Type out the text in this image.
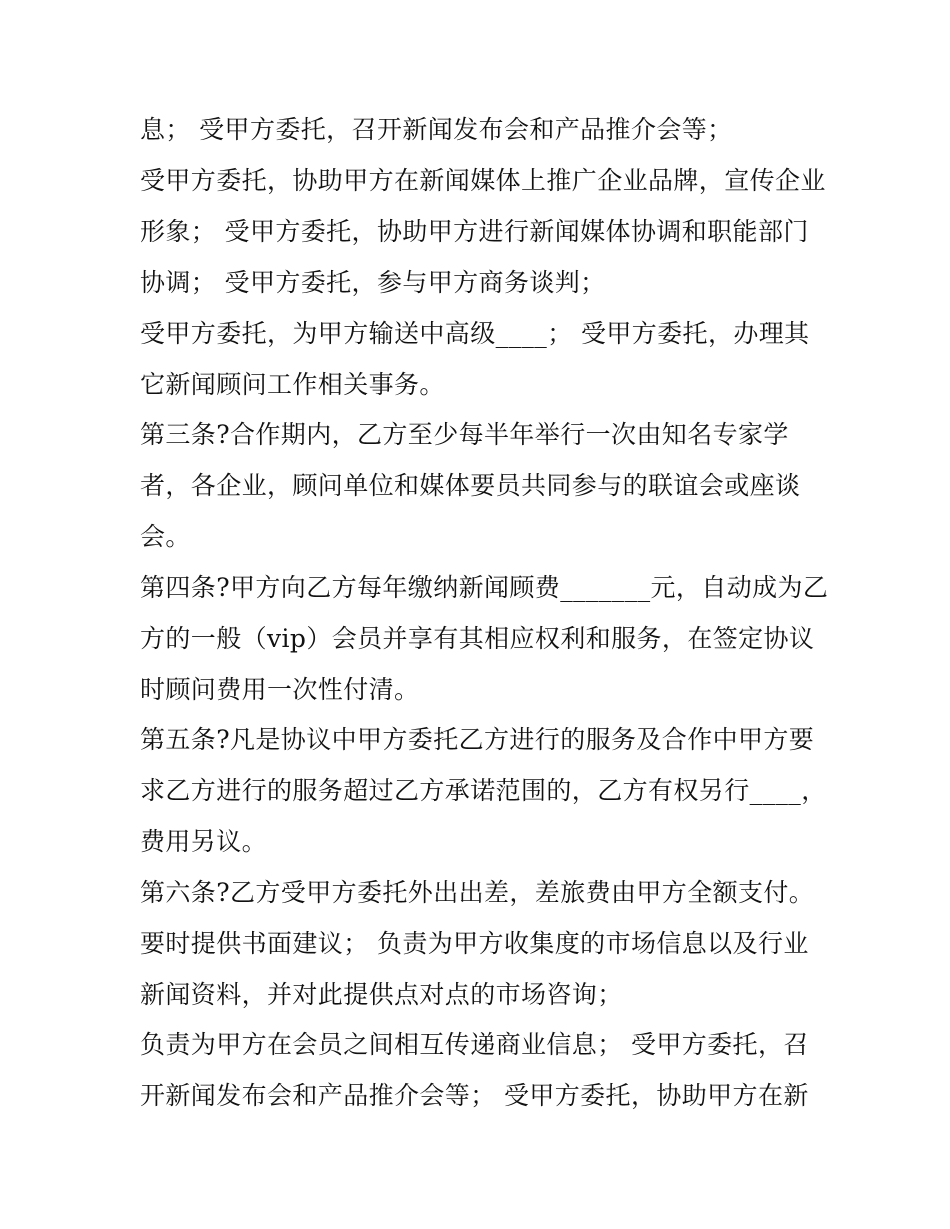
息； 受甲方委托，召开新闻发布会和产品推介会等；
受甲方委托，协助甲方在新闻媒体上推广企业品牌，宣传企业
形象； 受甲方委托，协助甲方进行新闻媒体协调和职能部门
协调； 受甲方委托，参与甲方商务谈判；
受甲方委托，为甲方输送中高级____； 受甲方委托，办理其
它新闻顾问工作相关事务。
第三条?合作期内，乙方至少每半年举行一次由知名专家学
者，各企业，顾问单位和媒体要员共同参与的联谊会或座谈
会。
第四条?甲方向乙方每年缴纳新闻顾费_______元，自动成为乙
方的一般（vip）会员并享有其相应权利和服务，在签定协议
时顾问费用一次性付清。
第五条?凡是协议中甲方委托乙方进行的服务及合作中甲方要
求乙方进行的服务超过乙方承诺范围的，乙方有权另行____，
费用另议。
第六条?乙方受甲方委托外出出差，差旅费由甲方全额支付。
要时提供书面建议； 负责为甲方收集度的市场信息以及行业
新闻资料，并对此提供点对点的市场咨询；
负责为甲方在会员之间相互传递商业信息； 受甲方委托，召
开新闻发布会和产品推介会等； 受甲方委托，协助甲方在新
